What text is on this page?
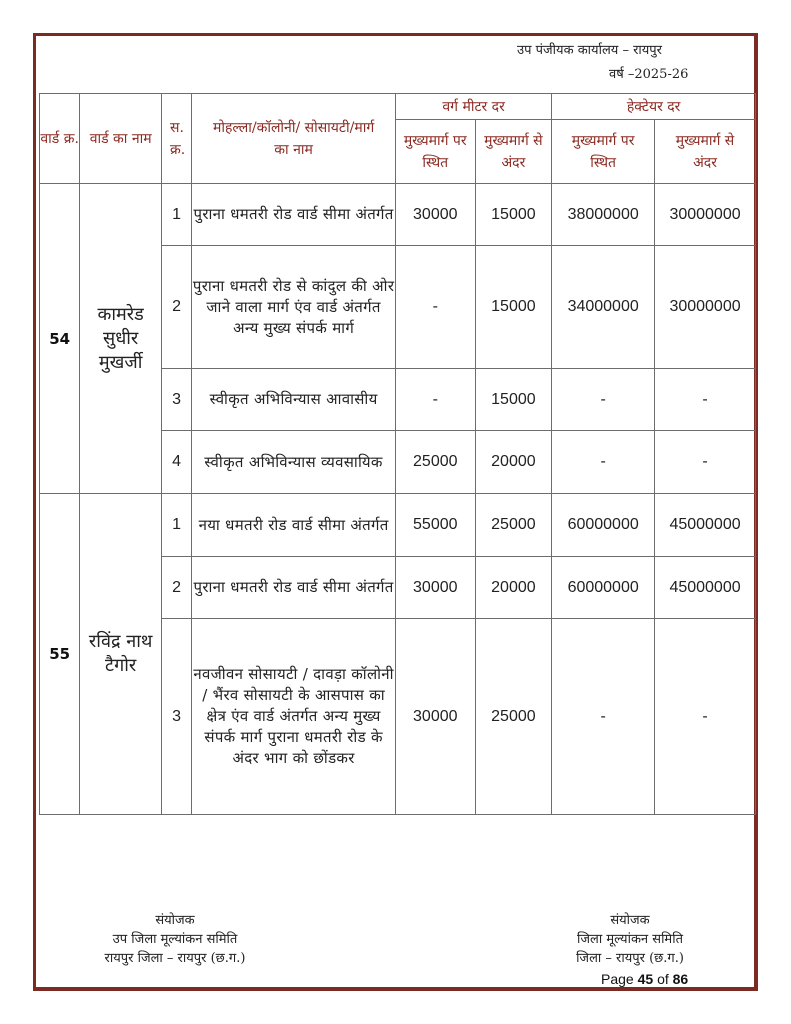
उप पंजीयक कार्यालय – रायपुर
वर्ष –2025-26
वार्ड क्र.	वार्ड का नाम	स. क्र.	मोहल्ला/कॉलोनी/ सोसायटी/मार्ग का नाम	वर्ग मीटर दर		हेक्टेयर दर	
				मुख्यमार्ग पर स्थित	मुख्यमार्ग से अंदर	मुख्यमार्ग पर स्थित	मुख्यमार्ग से अंदर
54	कामरेड सुधीर मुखर्जी	1	पुराना धमतरी रोड वार्ड सीमा अंतर्गत	30000	15000	38000000	30000000
		2	पुराना धमतरी रोड से कांदुल की ओर जाने वाला मार्ग एंव वार्ड अंतर्गत अन्य मुख्य संपर्क मार्ग	-	15000	34000000	30000000
		3	स्वीकृत अभिविन्यास आवासीय	-	15000	-	-
		4	स्वीकृत अभिविन्यास व्यवसायिक	25000	20000	-	-
55	रविंद्र नाथ टैगोर	1	नया धमतरी रोड वार्ड सीमा अंतर्गत	55000	25000	60000000	45000000
		2	पुराना धमतरी रोड वार्ड सीमा अंतर्गत	30000	20000	60000000	45000000
		3	नवजीवन सोसायटी / दावड़ा कॉलोनी / भैंरव सोसायटी के आसपास का क्षेत्र एंव वार्ड अंतर्गत अन्य मुख्य संपर्क मार्ग पुराना धमतरी रोड के अंदर भाग को छोंडकर	30000	25000	-	-
संयोजक
उप जिला मूल्यांकन समिति
रायपुर जिला – रायपुर (छ.ग.)
संयोजक
जिला मूल्यांकन समिति
जिला – रायपुर (छ.ग.)
Page 45 of 86
